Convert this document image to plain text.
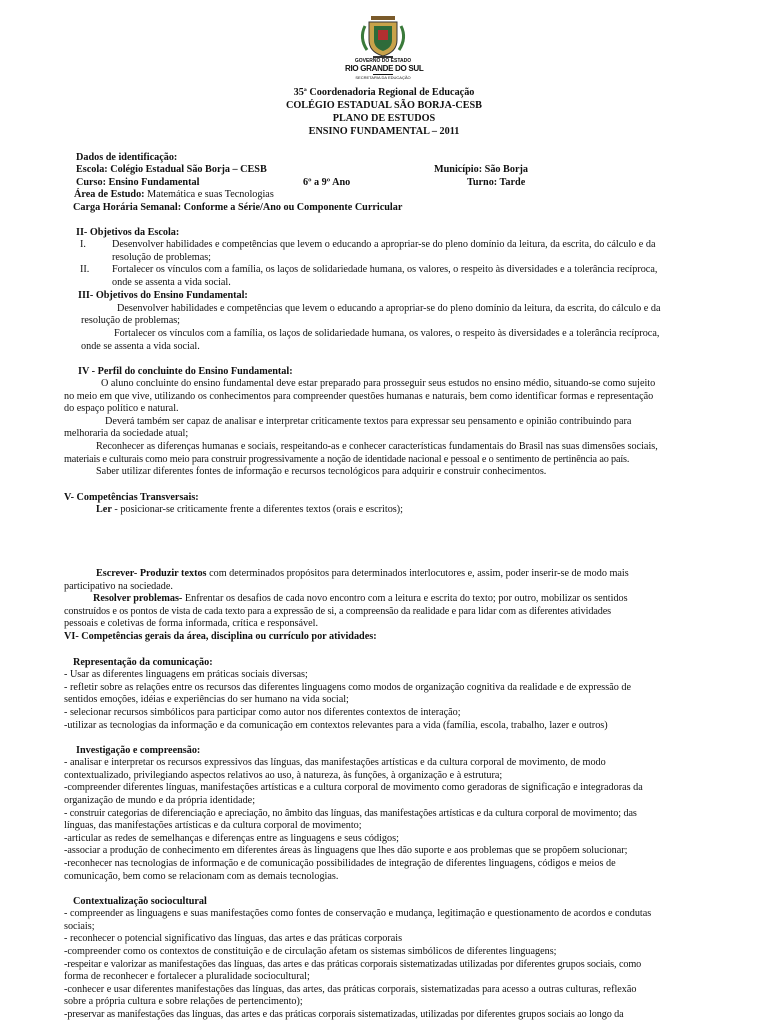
GOVERNO DO ESTADO
RIO GRANDE DO SUL
SECRETARIA DA EDUCAÇÃO
35ª Coordenadoria Regional de Educação
COLÉGIO ESTADUAL SÃO BORJA-CESB
PLANO DE ESTUDOS
ENSINO FUNDAMENTAL – 2011
Dados de identificação:
Escola: Colégio Estadual São Borja – CESB	Município: São Borja
Curso: Ensino Fundamental	6º a 9º Ano	Turno: Tarde
Área de Estudo: Matemática e suas Tecnologias
Carga Horária Semanal: Conforme a Série/Ano ou Componente Curricular
II- Objetivos da Escola:
I.	Desenvolver habilidades e competências que levem o educando a apropriar-se do pleno domínio da leitura, da escrita, do cálculo e da
resolução de problemas;
II. Fortalecer os vínculos com a família, os laços de solidariedade humana, os valores, o respeito às diversidades e a tolerância recíproca,
onde se assenta a vida social.
III- Objetivos do Ensino Fundamental:
Desenvolver habilidades e competências que levem o educando a apropriar-se do pleno domínio da leitura, da escrita, do cálculo e da
resolução de problemas;
Fortalecer os vínculos com a família, os laços de solidariedade humana, os valores, o respeito às diversidades e a tolerância recíproca,
onde se assenta a vida social.
IV - Perfil do concluinte do Ensino Fundamental:
O aluno concluinte do ensino fundamental deve estar preparado para prosseguir seus estudos no ensino médio, situando-se como sujeito
no meio em que vive, utilizando os conhecimentos para compreender questões humanas e naturais, bem como identificar formas e representação
do espaço político e natural.
Deverá também ser capaz de analisar e interpretar criticamente textos para expressar seu pensamento e opinião contribuindo para
melhoraria da sociedade atual;
Reconhecer as diferenças humanas e sociais, respeitando-as e conhecer características fundamentais do Brasil nas suas dimensões sociais,
materiais e culturais como meio para construir progressivamente a noção de identidade nacional e pessoal e o sentimento de pertinência ao país.
Saber utilizar diferentes fontes de informação e recursos tecnológicos para adquirir e construir conhecimentos.
V- Competências Transversais:
Ler - posicionar-se criticamente frente a diferentes textos (orais e escritos);
Escrever- Produzir textos com determinados propósitos para determinados interlocutores e, assim, poder inserir-se de modo mais
participativo na sociedade.
Resolver problemas- Enfrentar os desafios de cada novo encontro com a leitura e escrita do texto; por outro, mobilizar os sentidos
construídos e os pontos de vista de cada texto para a expressão de si, a compreensão da realidade e para lidar com as diferentes atividades
pessoais e coletivas de forma informada, crítica e responsável.
VI- Competências gerais da área, disciplina ou currículo por atividades:
Representação da comunicação:
- Usar as diferentes linguagens em práticas sociais diversas;
- refletir sobre as relações entre os recursos das diferentes linguagens como modos de organização cognitiva da realidade e de expressão de
sentidos emoções, idéias e experiências do ser humano na vida social;
- selecionar recursos simbólicos para participar como autor nos diferentes contextos de interação;
-utilizar as tecnologias da informação e da comunicação em contextos relevantes para a vida (família, escola, trabalho, lazer e outros)
Investigação e compreensão:
- analisar e interpretar os recursos expressivos das línguas, das manifestações artísticas e da cultura corporal de movimento, de modo
contextualizado, privilegiando aspectos relativos ao uso, à natureza, às funções, à organização e à estrutura;
-compreender diferentes línguas, manifestações artísticas e a cultura corporal de movimento como geradoras de significação e integradoras da
organização de mundo e da própria identidade;
- construir categorias de diferenciação e apreciação, no âmbito das línguas, das manifestações artísticas e da cultura corporal de movimento; das
línguas, das manifestações artísticas e da cultura corporal de movimento;
-articular as redes de semelhanças e diferenças entre as linguagens e seus códigos;
-associar a produção de conhecimento em diferentes áreas às linguagens que lhes dão suporte e aos problemas que se propõem solucionar;
-reconhecer nas tecnologias de informação e de comunicação possibilidades de integração de diferentes linguagens, códigos e meios de
comunicação, bem como se relacionam com as demais tecnologias.
Contextualização sociocultural
- compreender as linguagens e suas manifestações como fontes de conservação e mudança, legitimação e questionamento de acordos e condutas
sociais;
- reconhecer o potencial significativo das línguas, das artes e das práticas corporais
-compreender como os contextos de constituição e de circulação afetam os sistemas simbólicos de diferentes linguagens;
-respeitar e valorizar as manifestações das línguas, das artes e das práticas corporais sistematizadas utilizadas por diferentes grupos sociais, como
forma de reconhecer e fortalecer a pluralidade sociocultural;
-conhecer e usar diferentes manifestações das línguas, das artes, das práticas corporais, sistematizadas para acesso a outras culturas, reflexão
sobre a própria cultura e sobre relações de pertencimento);
-preservar as manifestações das línguas, das artes e das práticas corporais sistematizadas, utilizadas por diferentes grupos sociais ao longo da
